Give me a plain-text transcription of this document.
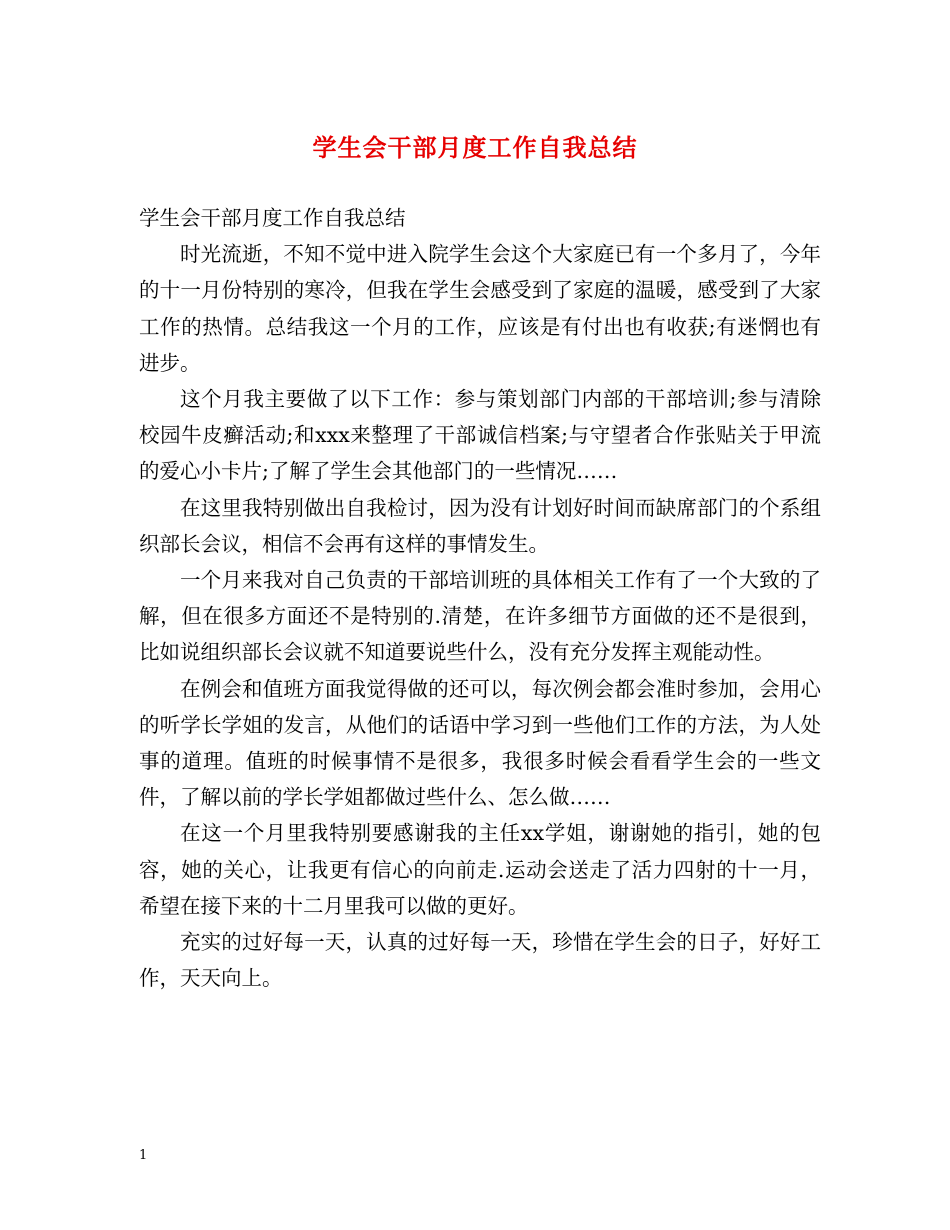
学生会干部月度工作自我总结

学生会干部月度工作自我总结

时光流逝，不知不觉中进入院学生会这个大家庭已有一个多月了，今年的十一月份特别的寒冷，但我在学生会感受到了家庭的温暖，感受到了大家工作的热情。总结我这一个月的工作，应该是有付出也有收获;有迷惘也有进步。

这个月我主要做了以下工作：参与策划部门内部的干部培训;参与清除校园牛皮癣活动;和xxx来整理了干部诚信档案;与守望者合作张贴关于甲流的爱心小卡片;了解了学生会其他部门的一些情况……

在这里我特别做出自我检讨，因为没有计划好时间而缺席部门的个系组织部长会议，相信不会再有这样的事情发生。

一个月来我对自己负责的干部培训班的具体相关工作有了一个大致的了解，但在很多方面还不是特别的.清楚，在许多细节方面做的还不是很到，比如说组织部长会议就不知道要说些什么，没有充分发挥主观能动性。

在例会和值班方面我觉得做的还可以，每次例会都会准时参加，会用心的听学长学姐的发言，从他们的话语中学习到一些他们工作的方法，为人处事的道理。值班的时候事情不是很多，我很多时候会看看学生会的一些文件，了解以前的学长学姐都做过些什么、怎么做……

在这一个月里我特别要感谢我的主任xx学姐，谢谢她的指引，她的包容，她的关心，让我更有信心的向前走.运动会送走了活力四射的十一月，希望在接下来的十二月里我可以做的更好。

充实的过好每一天，认真的过好每一天，珍惜在学生会的日子，好好工作，天天向上。

1
